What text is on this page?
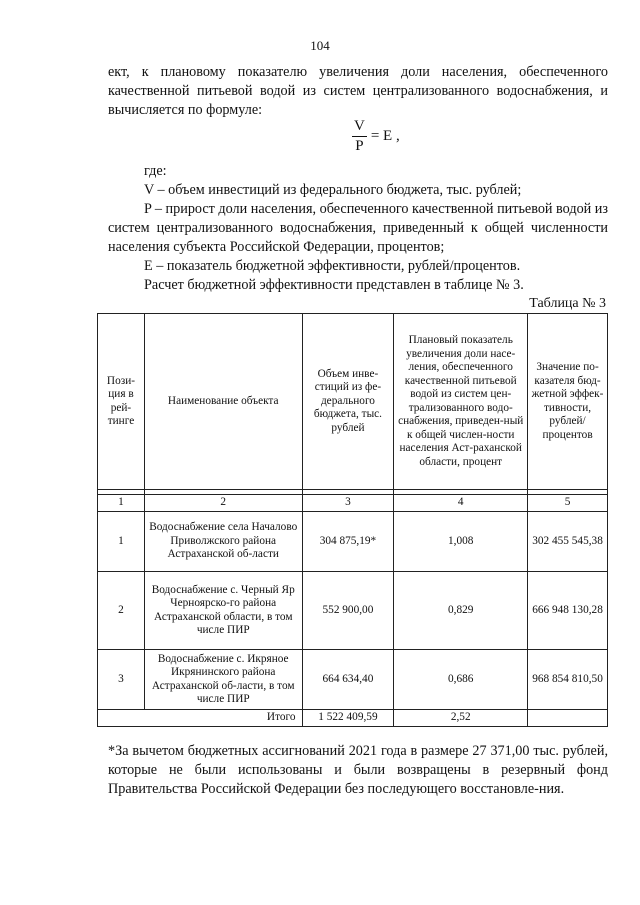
104
ект, к плановому показателю увеличения доли населения, обеспеченного качественной питьевой водой из систем централизованного водоснабжения, и вычисляется по формуле:
$\frac{V}{P} = E$ ,

где:

V – объем инвестиций из федерального бюджета, тыс. рублей;

P – прирост доли населения, обеспеченного качественной питьевой водой из систем централизованного водоснабжения, приведенный к общей численности населения субъекта Российской Федерации, процентов;

E – показатель бюджетной эффективности, рублей/процентов.

Расчет бюджетной эффективности представлен в таблице № 3.

Таблица № 3
Пози-ция в рей-тинге	Наименование объекта	Объем инве-стиций из фе-дерального бюджета, тыс. рублей	Плановый показатель увеличения доли насе-ления, обеспеченного качественной питьевой водой из систем цен-трализованного водо-снабжения, приведен-ный к общей числен-ности населения Аст-раханской области, процент	Значение по-казателя бюд-жетной эффек-тивности, рублей/ процентов

1	2	3	4	5
1	Водоснабжение села Началово Приволжского района Астраханской об-ласти	304 875,19*	1,008	302 455 545,38
2	Водоснабжение с. Черный Яр Черноярско-го района Астраханской области, в том числе ПИР	552 900,00	0,829	666 948 130,28
3	Водоснабжение с. Икряное Икрянинского района Астраханской об-ласти, в том числе ПИР	664 634,40	0,686	968 854 810,50
Итого		1 522 409,59	2,52	
*За вычетом бюджетных ассигнований 2021 года в размере 27 371,00 тыс. рублей, которые не были использованы и были возвращены в резервный фонд Правительства Российской Федерации без последующего восстановле-ния.
